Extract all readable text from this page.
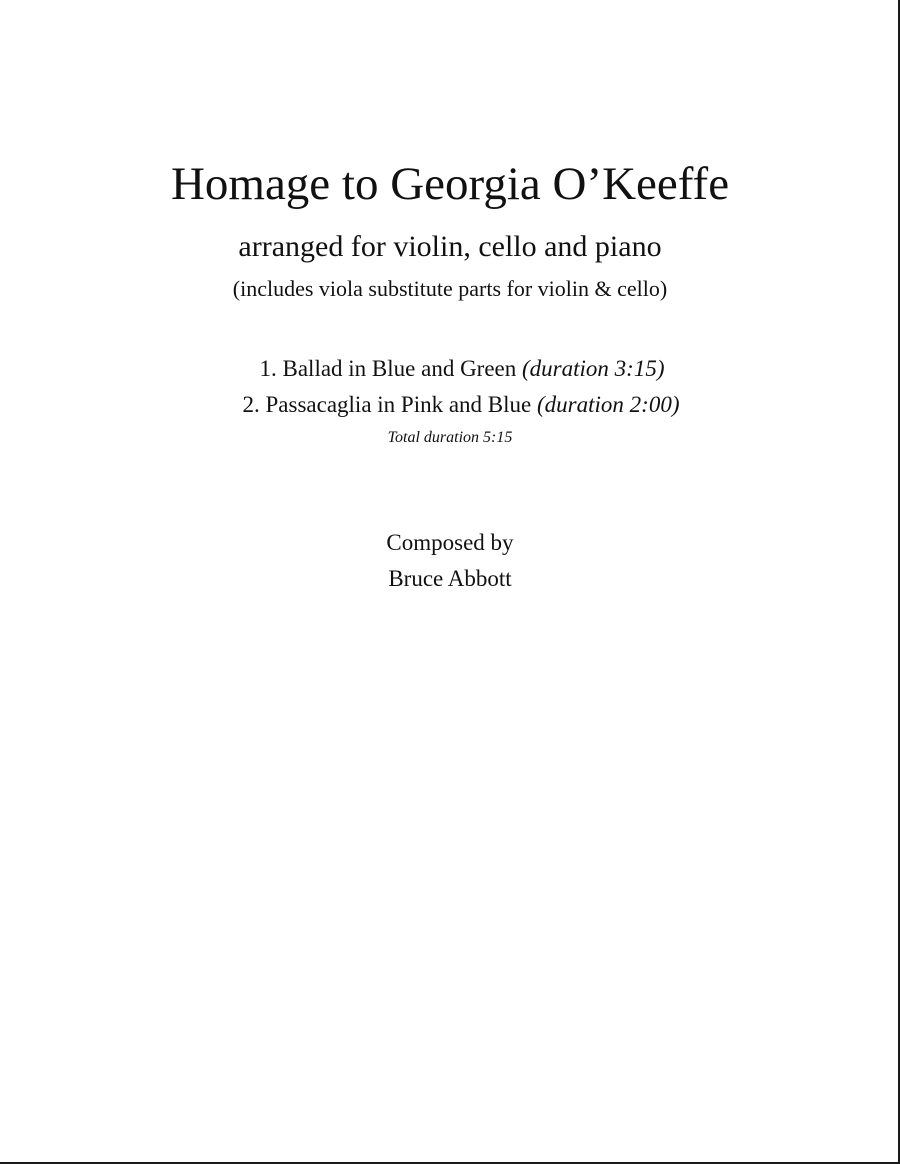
Homage to Georgia O’Keeffe
arranged for violin, cello and piano
(includes viola substitute parts for violin & cello)
1. Ballad in Blue and Green (duration 3:15)
2. Passacaglia in Pink and Blue (duration 2:00)
Total duration 5:15
Composed by
Bruce Abbott
